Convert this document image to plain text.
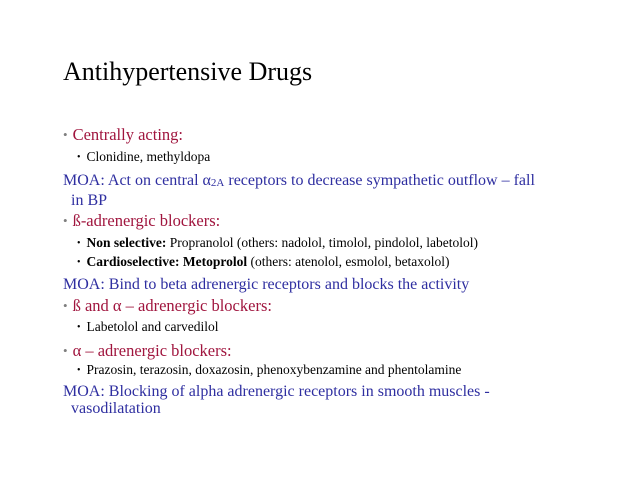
Antihypertensive Drugs
• Centrally acting:
• Clonidine, methyldopa
MOA: Act on central α2A receptors to decrease sympathetic outflow – fall
in BP
• ß-adrenergic blockers:
• Non selective: Propranolol (others: nadolol, timolol, pindolol, labetolol)
• Cardioselective: Metoprolol (others: atenolol, esmolol, betaxolol)
MOA: Bind to beta adrenergic receptors and blocks the activity
• ß and α – adrenergic blockers:
• Labetolol and carvedilol
• α – adrenergic blockers:
• Prazosin, terazosin, doxazosin, phenoxybenzamine and phentolamine
MOA: Blocking of alpha adrenergic receptors in smooth muscles -
vasodilatation
